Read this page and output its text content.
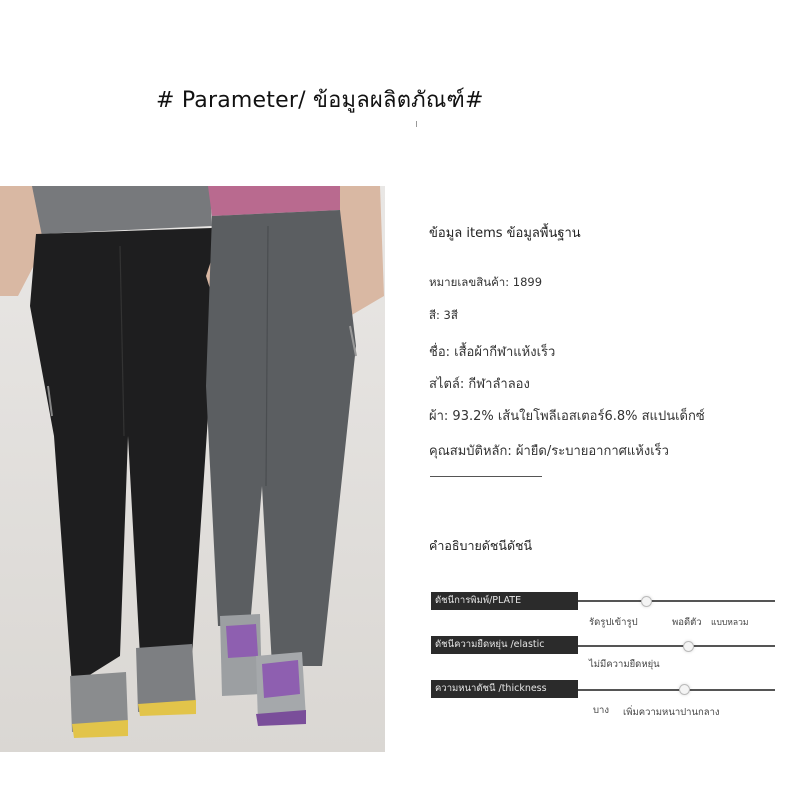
# Parameter/ ข้อมูลผลิตภัณฑ์#
ข้อมูล items ข้อมูลพื้นฐาน
หมายเลขสินค้า: 1899
สี: 3สี
ชื่อ: เสื้อผ้ากีฬาแห้งเร็ว
สไตล์: กีฬาลำลอง
ผ้า: 93.2% เส้นใยโพลีเอสเตอร์6.8% สแปนเด็กซ์
คุณสมบัติหลัก: ผ้ายืด/ระบายอากาศแห้งเร็ว
คำอธิบายดัชนีดัชนี
ดัชนีการพิมพ์/PLATE
รัดรูปเข้ารูป	พอดีตัว แบบหลวม
ดัชนีความยืดหยุ่น /elastic
ไม่มีความยืดหยุ่น
ความหนาดัชนี /thickness
บาง เพิ่มความหนาปานกลาง
